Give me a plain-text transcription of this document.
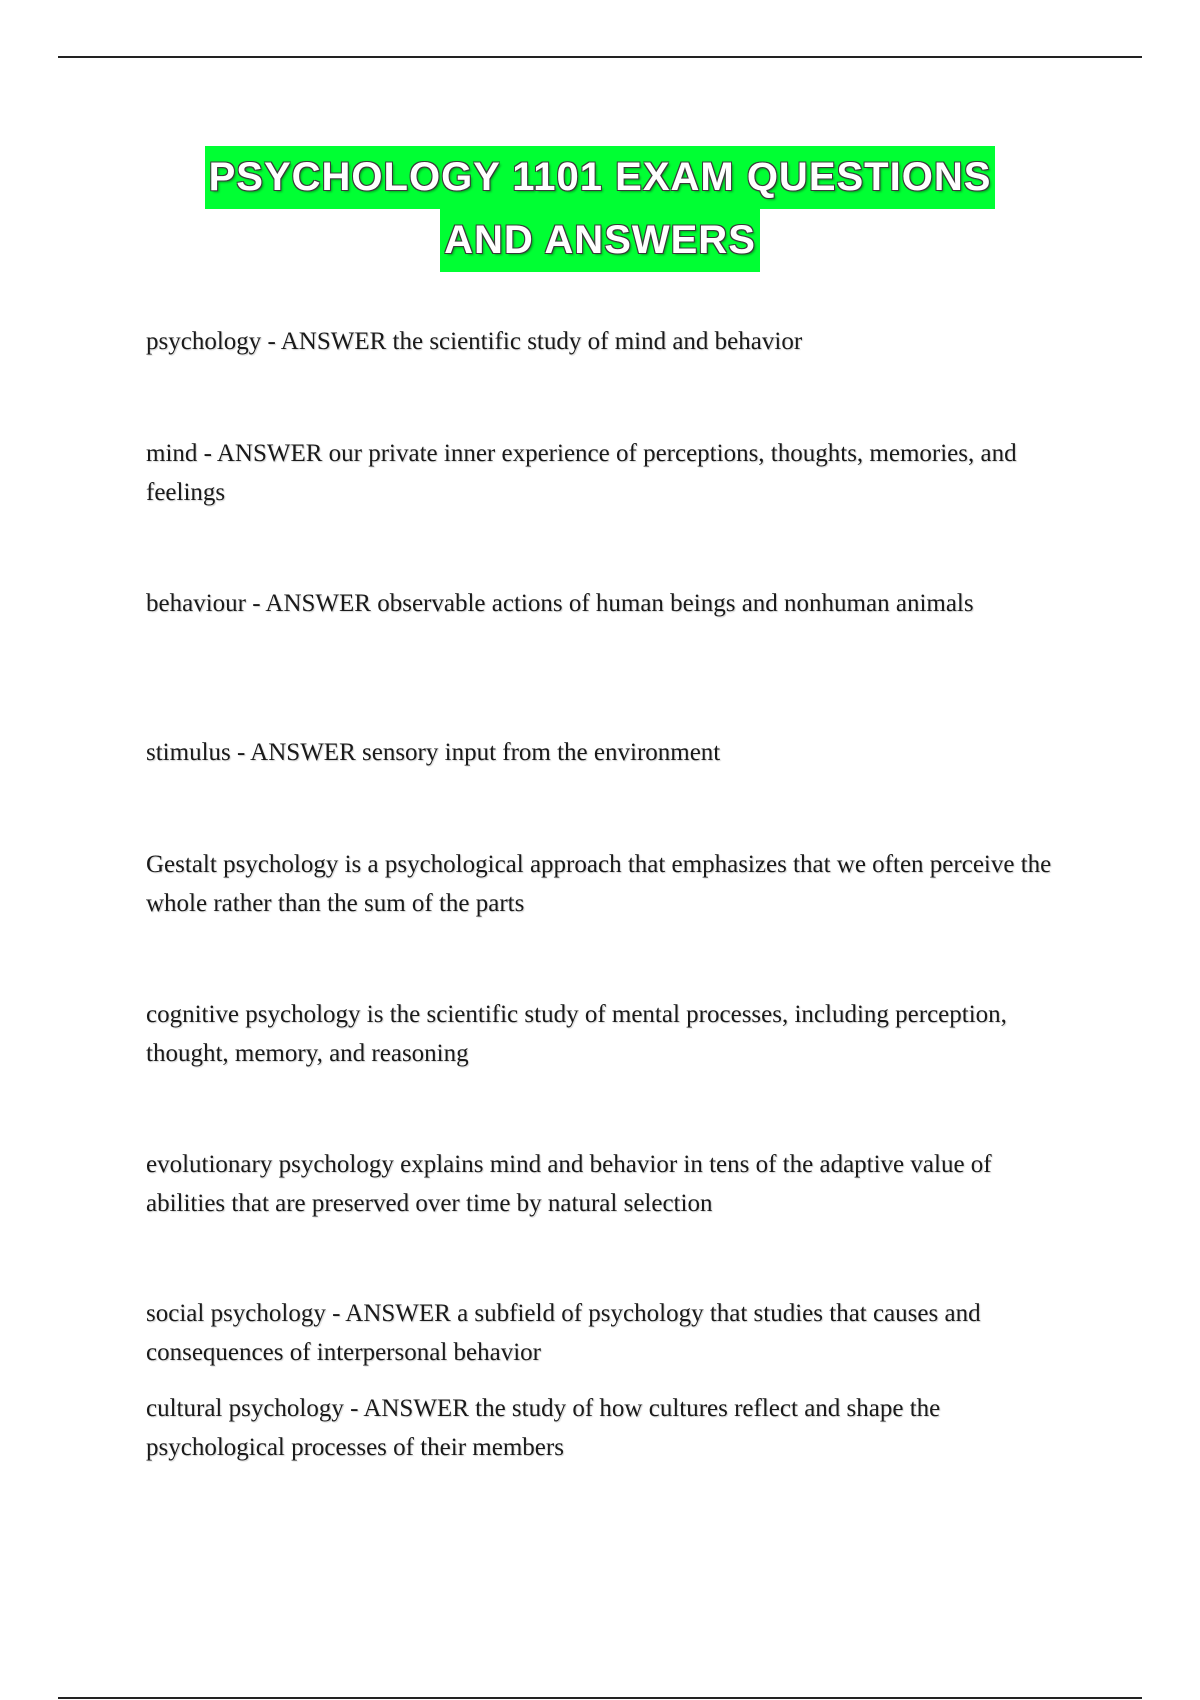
PSYCHOLOGY 1101 EXAM QUESTIONS
AND ANSWERS
psychology - ANSWER the scientific study of mind and behavior
mind - ANSWER our private inner experience of perceptions, thoughts, memories, and feelings
behaviour - ANSWER observable actions of human beings and nonhuman animals
stimulus - ANSWER sensory input from the environment
Gestalt psychology is a psychological approach that emphasizes that we often perceive the whole rather than the sum of the parts
cognitive psychology is the scientific study of mental processes, including perception, thought, memory, and reasoning
evolutionary psychology explains mind and behavior in tens of the adaptive value of abilities that are preserved over time by natural selection
social psychology - ANSWER a subfield of psychology that studies that causes and consequences of interpersonal behavior
cultural psychology - ANSWER the study of how cultures reflect and shape the psychological processes of their members
